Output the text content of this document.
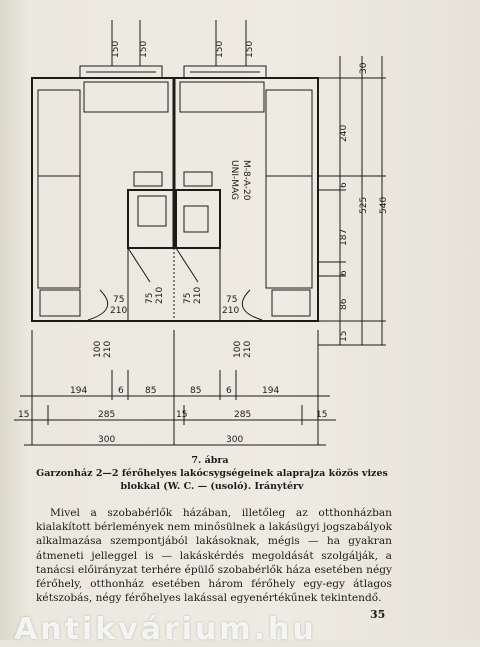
UNI-MAG M-8-A-20
150 150	150 150
30
240
6
187
6
86
15
525 540
75
210
75 210 75 210	75
210
100 210	100 210
194	6 85	85	6	194
15	285	15	285	15
300	300
7. ábra
Garzonház 2—2 férőhelyes lakócsygségeinek alaprajza közös vizes blokkal (W. C. — (usoló). Iránytérv
Mivel a szobabérlők házában, illetőleg az otthonházban kialakított bérlemények nem minősülnek a lakásügyi jogszabályok alkalmazása szempontjából lakásoknak, mégis — ha gyakran átmeneti jelleggel is — lakáskérdés megoldását szolgálják, a tanácsi előirányzat terhére épülő szobabérlők háza esetében négy férőhely, otthonház esetében három férőhely egy-egy átlagos kétszobás, négy férőhelyes lakással egyenértékűnek tekintendő.
35
Antikvárium.hu
